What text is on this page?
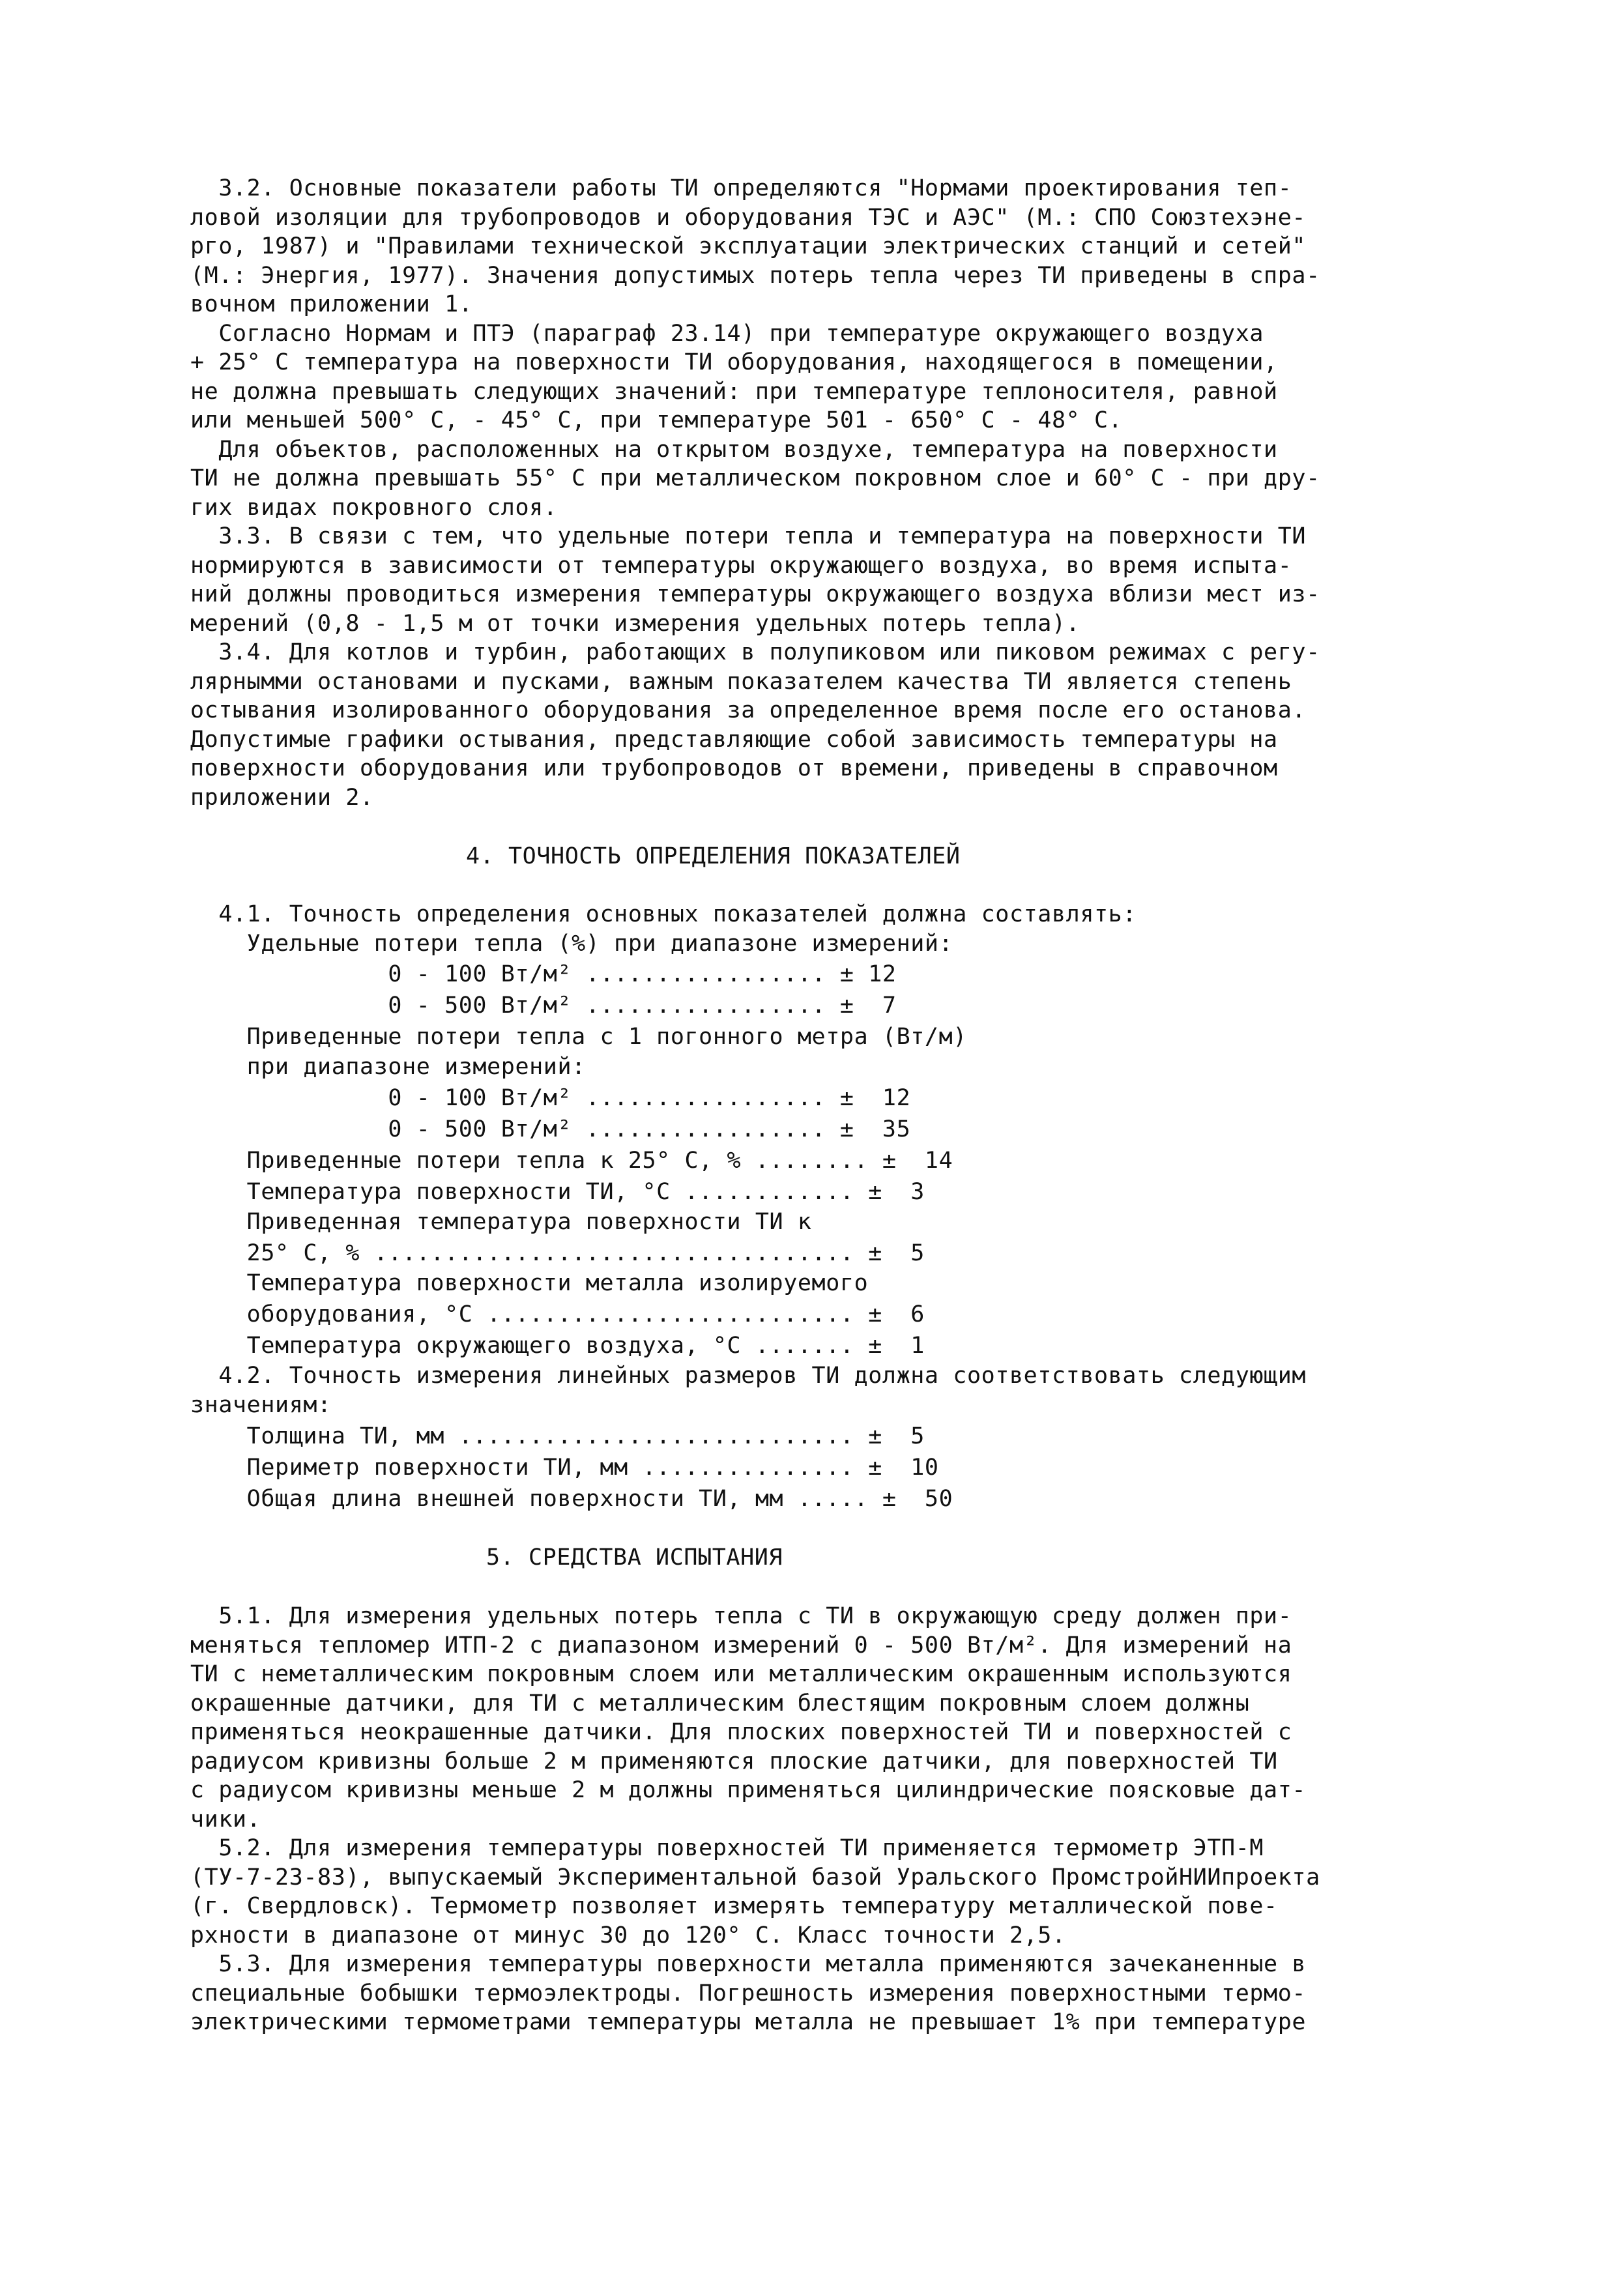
3.2. Основные показатели работы ТИ определяются "Нормами проектирования теп-
ловой изоляции для трубопроводов и оборудования ТЭС и АЭС" (М.: СПО Союзтехэне-
рго, 1987) и "Правилами технической эксплуатации электрических станций и сетей"
(М.: Энергия, 1977). Значения допустимых потерь тепла через ТИ приведены в спра-
вочном приложении 1.
Согласно Нормам и ПТЭ (параграф 23.14) при температуре окружающего воздуха
+ 25° С температура на поверхности ТИ оборудования, находящегося в помещении,
не должна превышать следующих значений: при температуре теплоносителя, равной
или меньшей 500° С, - 45° С, при температуре 501 - 650° С - 48° С.
Для объектов, расположенных на открытом воздухе, температура на поверхности
ТИ не должна превышать 55° С при металлическом покровном слое и 60° С - при дру-
гих видах покровного слоя.
3.3. В связи с тем, что удельные потери тепла и температура на поверхности ТИ
нормируются в зависимости от температуры окружающего воздуха, во время испыта-
ний должны проводиться измерения температуры окружающего воздуха вблизи мест из-
мерений (0,8 - 1,5 м от точки измерения удельных потерь тепла).
3.4. Для котлов и турбин, работающих в полупиковом или пиковом режимах с регу-
лярнымми остановами и пусками, важным показателем качества ТИ является степень
остывания изолированного оборудования за определенное время после его останова.
Допустимые графики остывания, представляющие собой зависимость температуры на
поверхности оборудования или трубопроводов от времени, приведены в справочном
приложении 2.
4. ТОЧНОСТЬ ОПРЕДЕЛЕНИЯ ПОКАЗАТЕЛЕЙ
4.1. Точность определения основных показателей должна составлять:
Удельные потери тепла (%) при диапазоне измерений:
0 - 100 Вт/м² ................. ± 12
0 - 500 Вт/м² ................. ±  7
Приведенные потери тепла с 1 погонного метра (Вт/м)
при диапазоне измерений:
0 - 100 Вт/м² ................. ±  12
0 - 500 Вт/м² ................. ±  35
Приведенные потери тепла к 25° С, % ........ ±  14
Температура поверхности ТИ, °С ............ ±  3
Приведенная температура поверхности ТИ к
25° С, % .................................. ±  5
Температура поверхности металла изолируемого
оборудования, °С .......................... ±  6
Температура окружающего воздуха, °С ....... ±  1
4.2. Точность измерения линейных размеров ТИ должна соответствовать следующим
значениям:
Толщина ТИ, мм ............................ ±  5
Периметр поверхности ТИ, мм ............... ±  10
Общая длина внешней поверхности ТИ, мм ..... ±  50
5. СРЕДСТВА ИСПЫТАНИЯ
5.1. Для измерения удельных потерь тепла с ТИ в окружающую среду должен при-
меняться тепломер ИТП-2 с диапазоном измерений 0 - 500 Вт/м². Для измерений на
ТИ с неметаллическим покровным слоем или металлическим окрашенным используются
окрашенные датчики, для ТИ с металлическим блестящим покровным слоем должны
применяться неокрашенные датчики. Для плоских поверхностей ТИ и поверхностей с
радиусом кривизны больше 2 м применяются плоские датчики, для поверхностей ТИ
с радиусом кривизны меньше 2 м должны применяться цилиндрические поясковые дат-
чики.
5.2. Для измерения температуры поверхностей ТИ применяется термометр ЭТП-М
(ТУ-7-23-83), выпускаемый Экспериментальной базой Уральского ПромстройНИИпроекта
(г. Свердловск). Термометр позволяет измерять температуру металлической пове-
рхности в диапазоне от минус 30 до 120° С. Класс точности 2,5.
5.3. Для измерения температуры поверхности металла применяются зачеканенные в
специальные бобышки термоэлектроды. Погрешность измерения поверхностными термо-
электрическими термометрами температуры металла не превышает 1% при температуре
